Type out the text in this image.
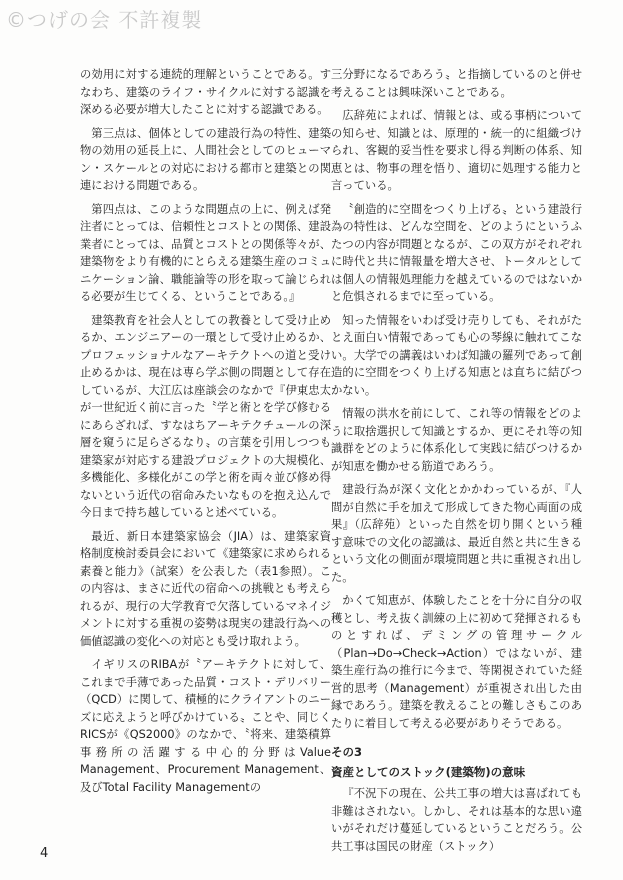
©つげの会 不許複製

の効用に対する連続的理解ということである。すなわち、建築のライフ・サイクルに対する認識を深める必要が増大したことに対する認識である。

第三点は、個体としての建設行為の特性、建築物の効用の延長上に、人間社会としてのヒューマン・スケールとの対応における都市と建築との関連における問題である。

第四点は、このような問題点の上に、例えば発注者にとっては、信頼性とコストとの関係、建設業者にとっては、品質とコストとの関係等々が、建築物をより有機的にとらえる建築生産のコミュニケーション論、職能論等の形を取って論じられる必要が生じてくる、ということである。』

建築教育を社会人としての教養として受け止めるか、エンジニアーの一環として受け止めるか、プロフェッショナルなアーキテクトへの道と受け止めるかは、現在は専ら学ぶ側の問題として存在しているが、大江広は座談会のなかで『伊東忠太が一世紀近く前に言った〝学と術とを学び修むるにあらざれば、すなはちアーキテクチュールの深層を窺うに足らざるなり〟の言葉を引用しつつも建築家が対応する建設プロジェクトの大規模化、多機能化、多様化がこの学と術を両々並び修め得ないという近代の宿命みたいなものを抱え込んで今日まで持ち越していると述べている。

最近、新日本建築家協会（JIA）は、建築家資格制度検討委員会において《建築家に求められる素養と能力》（試案）を公表した（表1参照）。この内容は、まさに近代の宿命への挑戦とも考えられるが、現行の大学教育で欠落しているマネイジメントに対する重視の姿勢は現実の建設行為への価値認識の変化への対応とも受け取れよう。

イギリスのRIBAが〝アーキテクトに対して、これまで手薄であった品質・コスト・デリバリー（QCD）に関して、積極的にクライアントのニーズに応えようと呼びかけている〟ことや、同じくRICSが《QS2000》のなかで、〝将来、建築積算事務所の活躍する中心的分野はValue Management、Procurement Management、及びTotal Facility Managementの

三分野になるであろう〟と指摘しているのと併せ考えることは興味深いことである。

広辞苑によれば、情報とは、或る事柄についての知らせ、知識とは、原理的・統一的に組織づけられ、客観的妥当性を要求し得る判断の体系、知恵とは、物事の理を悟り、適切に処理する能力と言っている。

〝創造的に空間をつくり上げる〟という建設行為の特性は、どんな空間を、どのようにというふたつの内容が問題となるが、この双方がそれぞれに時代と共に情報量を増大させ、トータルとしては個人の情報処理能力を越えているのではないかと危惧されるまでに至っている。

知った情報をいわば受け売りしても、それがたとえ面白い情報であっても心の琴線に触れてこない。大学での講義はいわば知識の羅列であって創造的に空間をつくり上げる知恵とは直ちに結びつかない。

情報の洪水を前にして、これ等の情報をどのように取捨選択して知識とするか、更にそれ等の知識群をどのように体系化して実践に結びつけるかが知恵を働かせる筋道であろう。

建設行為が深く文化とかかわっているが、『人間が自然に手を加えて形成してきた物心両面の成果』（広辞苑）といった自然を切り開くという種す意味での文化の認識は、最近自然と共に生きるという文化の側面が環境問題と共に重視され出した。

かくて知恵が、体験したことを十分に自分の収穫とし、考え抜く訓練の上に初めて発揮されるものとすれば、デミングの管理サークル（Plan→Do→Check→Action）ではないが、建築生産行為の推行に今まで、等閑視されていた経営的思考（Management）が重視され出した由縁であろう。建築を教えることの難しさもこのあたりに着目して考える必要がありそうである。

その3
資産としてのストック(建築物)の意味

『不況下の現在、公共工事の増大は喜ばれても非難はされない。しかし、それは基本的な思い違いがそれだけ蔓延しているということだろう。公共工事は国民の財産（ストック）

4
